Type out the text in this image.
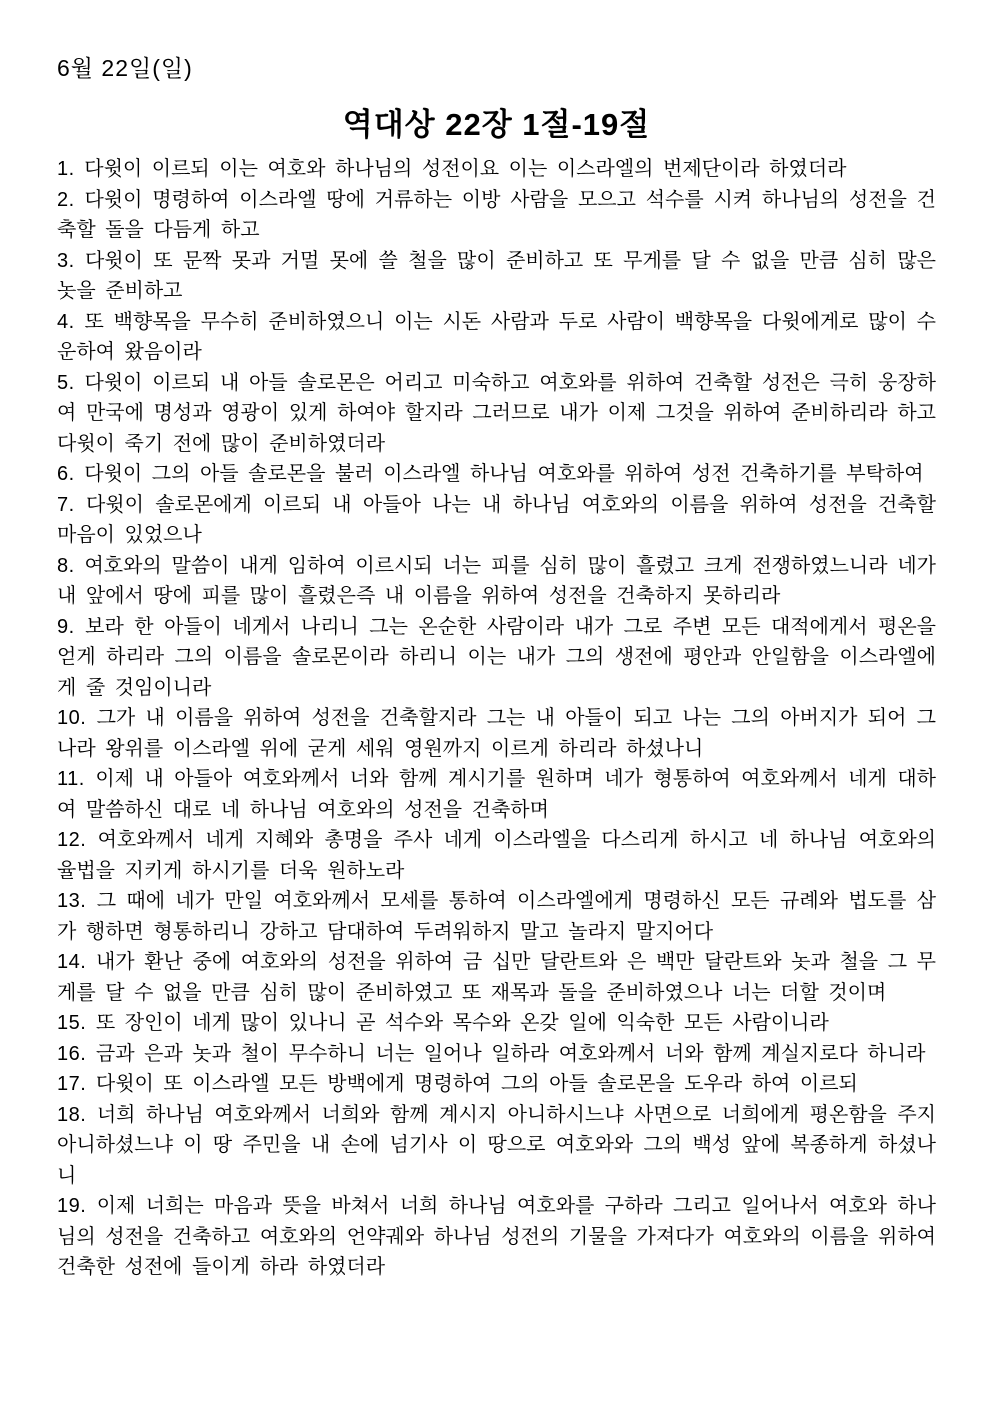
6월 22일(일)

역대상 22장 1절-19절

1. 다윗이 이르되 이는 여호와 하나님의 성전이요 이는 이스라엘의 번제단이라 하였더라

2. 다윗이 명령하여 이스라엘 땅에 거류하는 이방 사람을 모으고 석수를 시켜 하나님의 성전을 건축할 돌을 다듬게 하고

3. 다윗이 또 문짝 못과 거멀 못에 쓸 철을 많이 준비하고 또 무게를 달 수 없을 만큼 심히 많은 놋을 준비하고

4. 또 백향목을 무수히 준비하였으니 이는 시돈 사람과 두로 사람이 백향목을 다윗에게로 많이 수운하여 왔음이라

5. 다윗이 이르되 내 아들 솔로몬은 어리고 미숙하고 여호와를 위하여 건축할 성전은 극히 웅장하여 만국에 명성과 영광이 있게 하여야 할지라 그러므로 내가 이제 그것을 위하여 준비하리라 하고 다윗이 죽기 전에 많이 준비하였더라

6. 다윗이 그의 아들 솔로몬을 불러 이스라엘 하나님 여호와를 위하여 성전 건축하기를 부탁하여

7. 다윗이 솔로몬에게 이르되 내 아들아 나는 내 하나님 여호와의 이름을 위하여 성전을 건축할 마음이 있었으나

8. 여호와의 말씀이 내게 임하여 이르시되 너는 피를 심히 많이 흘렸고 크게 전쟁하였느니라 네가 내 앞에서 땅에 피를 많이 흘렸은즉 내 이름을 위하여 성전을 건축하지 못하리라

9. 보라 한 아들이 네게서 나리니 그는 온순한 사람이라 내가 그로 주변 모든 대적에게서 평온을 얻게 하리라 그의 이름을 솔로몬이라 하리니 이는 내가 그의 생전에 평안과 안일함을 이스라엘에게 줄 것임이니라

10. 그가 내 이름을 위하여 성전을 건축할지라 그는 내 아들이 되고 나는 그의 아버지가 되어 그 나라 왕위를 이스라엘 위에 굳게 세워 영원까지 이르게 하리라 하셨나니

11. 이제 내 아들아 여호와께서 너와 함께 계시기를 원하며 네가 형통하여 여호와께서 네게 대하여 말씀하신 대로 네 하나님 여호와의 성전을 건축하며

12. 여호와께서 네게 지혜와 총명을 주사 네게 이스라엘을 다스리게 하시고 네 하나님 여호와의 율법을 지키게 하시기를 더욱 원하노라

13. 그 때에 네가 만일 여호와께서 모세를 통하여 이스라엘에게 명령하신 모든 규례와 법도를 삼가 행하면 형통하리니 강하고 담대하여 두려워하지 말고 놀라지 말지어다

14. 내가 환난 중에 여호와의 성전을 위하여 금 십만 달란트와 은 백만 달란트와 놋과 철을 그 무게를 달 수 없을 만큼 심히 많이 준비하였고 또 재목과 돌을 준비하였으나 너는 더할 것이며

15. 또 장인이 네게 많이 있나니 곧 석수와 목수와 온갖 일에 익숙한 모든 사람이니라

16. 금과 은과 놋과 철이 무수하니 너는 일어나 일하라 여호와께서 너와 함께 계실지로다 하니라

17. 다윗이 또 이스라엘 모든 방백에게 명령하여 그의 아들 솔로몬을 도우라 하여 이르되

18. 너희 하나님 여호와께서 너희와 함께 계시지 아니하시느냐 사면으로 너희에게 평온함을 주지 아니하셨느냐 이 땅 주민을 내 손에 넘기사 이 땅으로 여호와와 그의 백성 앞에 복종하게 하셨나니

19. 이제 너희는 마음과 뜻을 바쳐서 너희 하나님 여호와를 구하라 그리고 일어나서 여호와 하나님의 성전을 건축하고 여호와의 언약궤와 하나님 성전의 기물을 가져다가 여호와의 이름을 위하여 건축한 성전에 들이게 하라 하였더라
